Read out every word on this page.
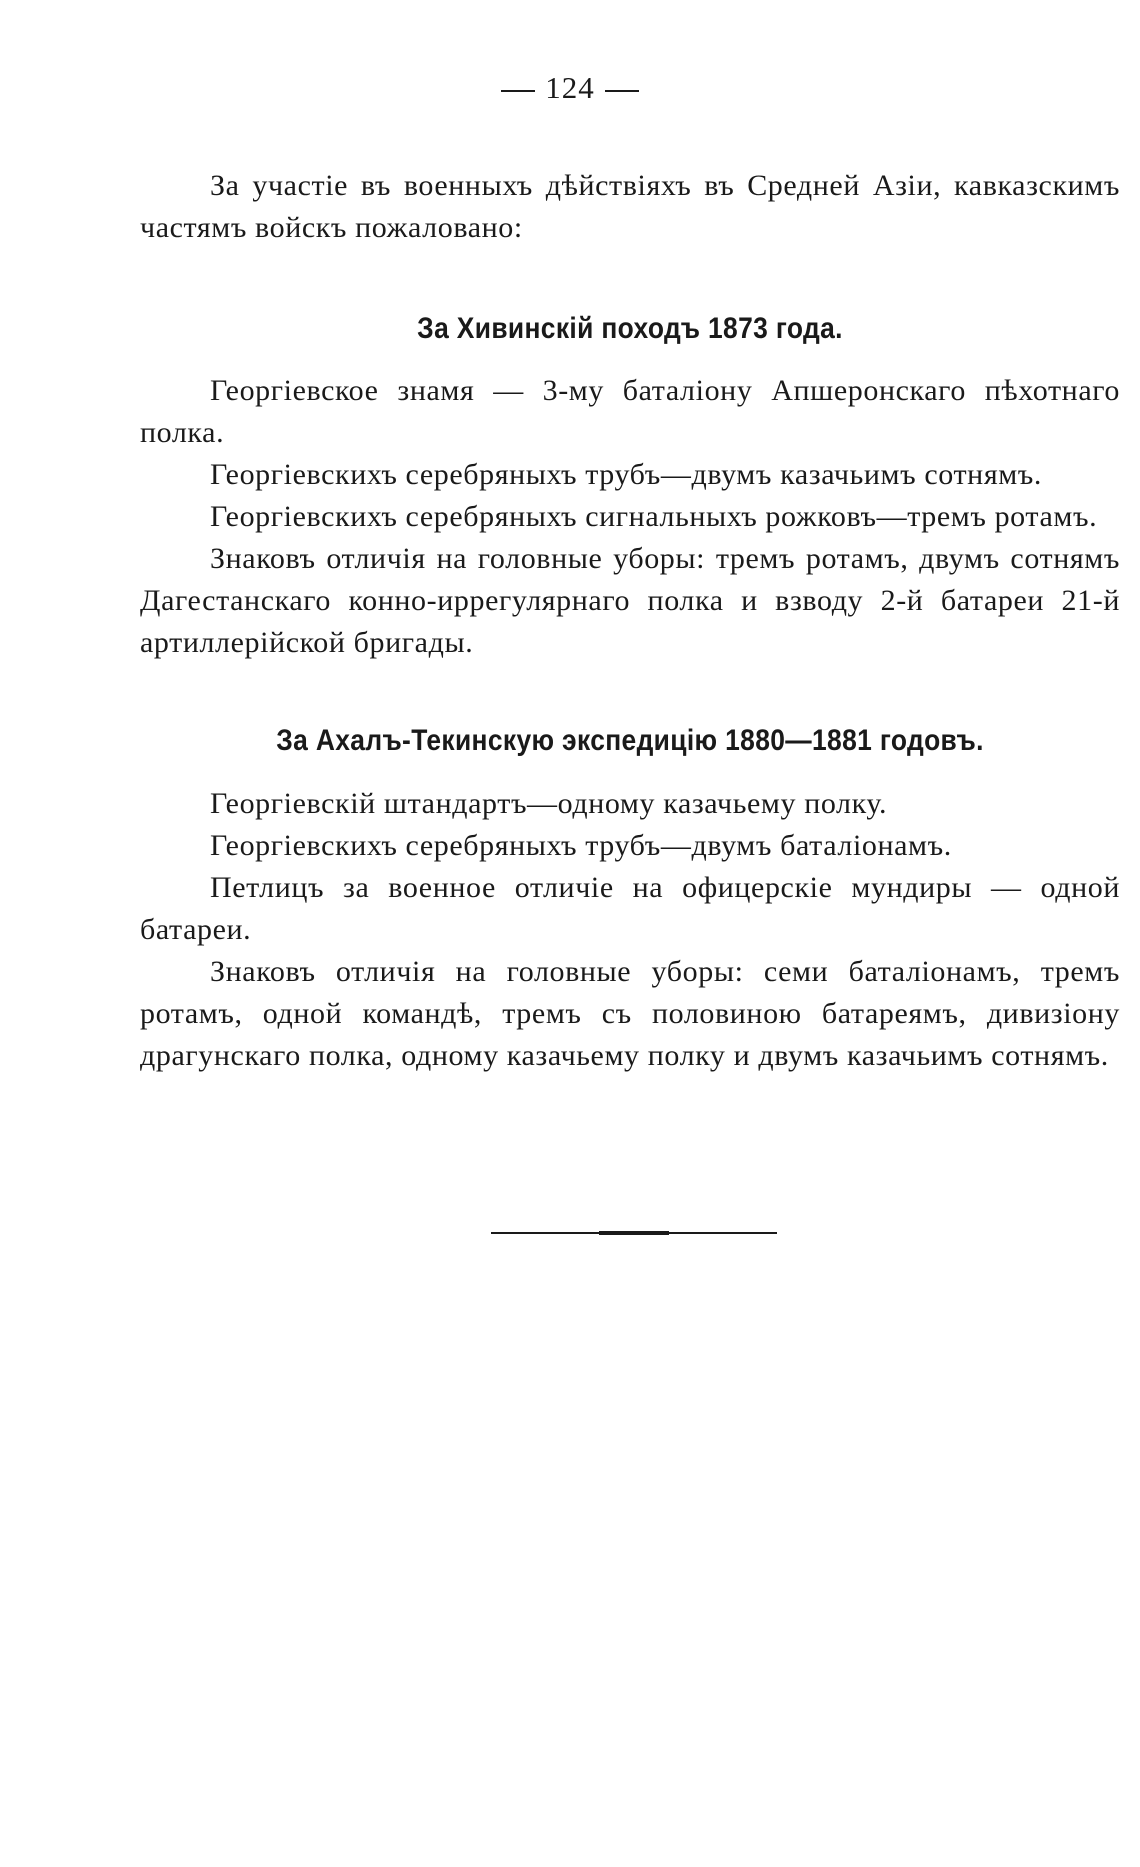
124

За участіе въ военныхъ дѣйствіяхъ въ Средней Азіи, кавказскимъ частямъ войскъ пожаловано:

За Хивинскій походъ 1873 года.

Георгіевское знамя — 3-му баталіону Апшеронскаго пѣхотнаго полка.

Георгіевскихъ серебряныхъ трубъ—двумъ казачьимъ сотнямъ.

Георгіевскихъ серебряныхъ сигнальныхъ рожковъ—тремъ ротамъ.

Знаковъ отличія на головные уборы: тремъ ротамъ, двумъ сотнямъ Дагестанскаго конно-иррегулярнаго полка и взводу 2-й батареи 21-й артиллерійской бригады.

За Ахалъ-Текинскую экспедицію 1880—1881 годовъ.

Георгіевскій штандартъ—одному казачьему полку.

Георгіевскихъ серебряныхъ трубъ—двумъ баталіонамъ.

Петлицъ за военное отличіе на офицерскіе мундиры — одной батареи.

Знаковъ отличія на головные уборы: семи баталіонамъ, тремъ ротамъ, одной командѣ, тремъ съ половиною батареямъ, дивизіону драгунскаго полка, одному казачьему полку и двумъ казачьимъ сотнямъ.
